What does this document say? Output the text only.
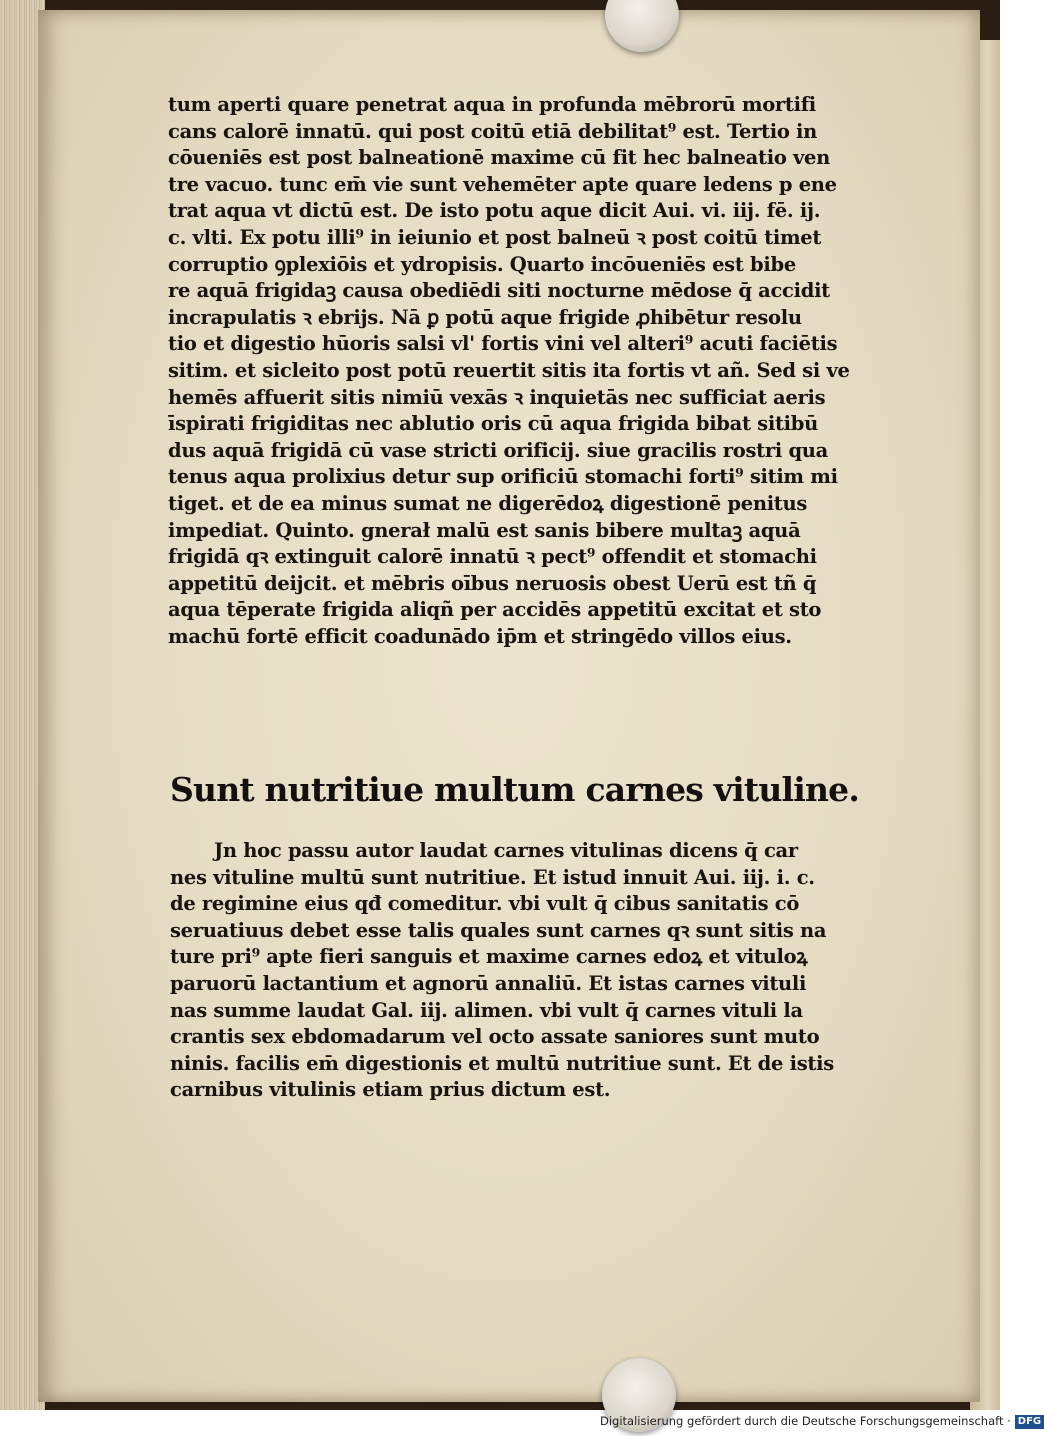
tum aperti quare penetrat aqua in profunda mēbrorū mortifi
cans calorē innatū. qui post coitū etiā debilitat⁹ est. Tertio in
cōueniēs est post balneationē maxime cū fit hec balneatio ven
tre vacuo. tunc em̄ vie sunt vehemēter apte quare ledens p ene
trat aqua vt dictū est. De isto potu aque dicit Aui. vi. iij. fē. ij.
c. vlti. Ex potu illi⁹ in ieiunio et post balneū ꝛ post coitū timet
corruptio ꝯplexiōis et ydropisis. Quarto incōueniēs est bibe
re aquā frigidaꝫ causa obediēdi siti nocturne mēdose q̄ accidit
incrapulatis ꝛ ebrijs. Nā ꝑ potū aque frigide ꝓhibētur resolu
tio et digestio hūoris salsi vl' fortis vini vel alteri⁹ acuti faciētis
sitim. et sicleito post potū reuertit sitis ita fortis vt añ. Sed si ve
hemēs affuerit sitis nimiū vexās ꝛ inquietās nec sufficiat aeris
īspirati frigiditas nec ablutio oris cū aqua frigida bibat sitibū
dus aquā frigidā cū vase stricti orificij. siue gracilis rostri qua
tenus aqua prolixius detur sup orificiū stomachi forti⁹ sitim mi
tiget. et de ea minus sumat ne digerēdoꝝ digestionē penitus
impediat. Quinto. gnerał malū est sanis bibere multaꝫ aquā
frigidā qꝛ extinguit calorē innatū ꝛ pect⁹ offendit et stomachi
appetitū deijcit. et mēbris oībus neruosis obest Uerū est tñ q̄
aqua tēperate frigida aliqñ per accidēs appetitū excitat et sto
machū fortē efficit coadunādo ip̄m et stringēdo villos eius.
Sunt nutritiue multum carnes vituline.
Jn hoc passu autor laudat carnes vitulinas dicens q̄ car
nes vituline multū sunt nutritiue. Et istud innuit Aui. iij. i. c.
de regimine eius qđ comeditur. vbi vult q̄ cibus sanitatis cō
seruatiuus debet esse talis quales sunt carnes qꝛ sunt sitis na
ture pri⁹ apte fieri sanguis et maxime carnes edoꝝ et vituloꝝ
paruorū lactantium et agnorū annaliū. Et istas carnes vituli
nas summe laudat Gal. iij. alimen. vbi vult q̄ carnes vituli la
crantis sex ebdomadarum vel octo assate saniores sunt muto
ninis. facilis em̄ digestionis et multū nutritiue sunt. Et de istis
carnibus vitulinis etiam prius dictum est.
Digitalisierung gefördert durch die Deutsche Forschungsgemeinschaft · DFG
